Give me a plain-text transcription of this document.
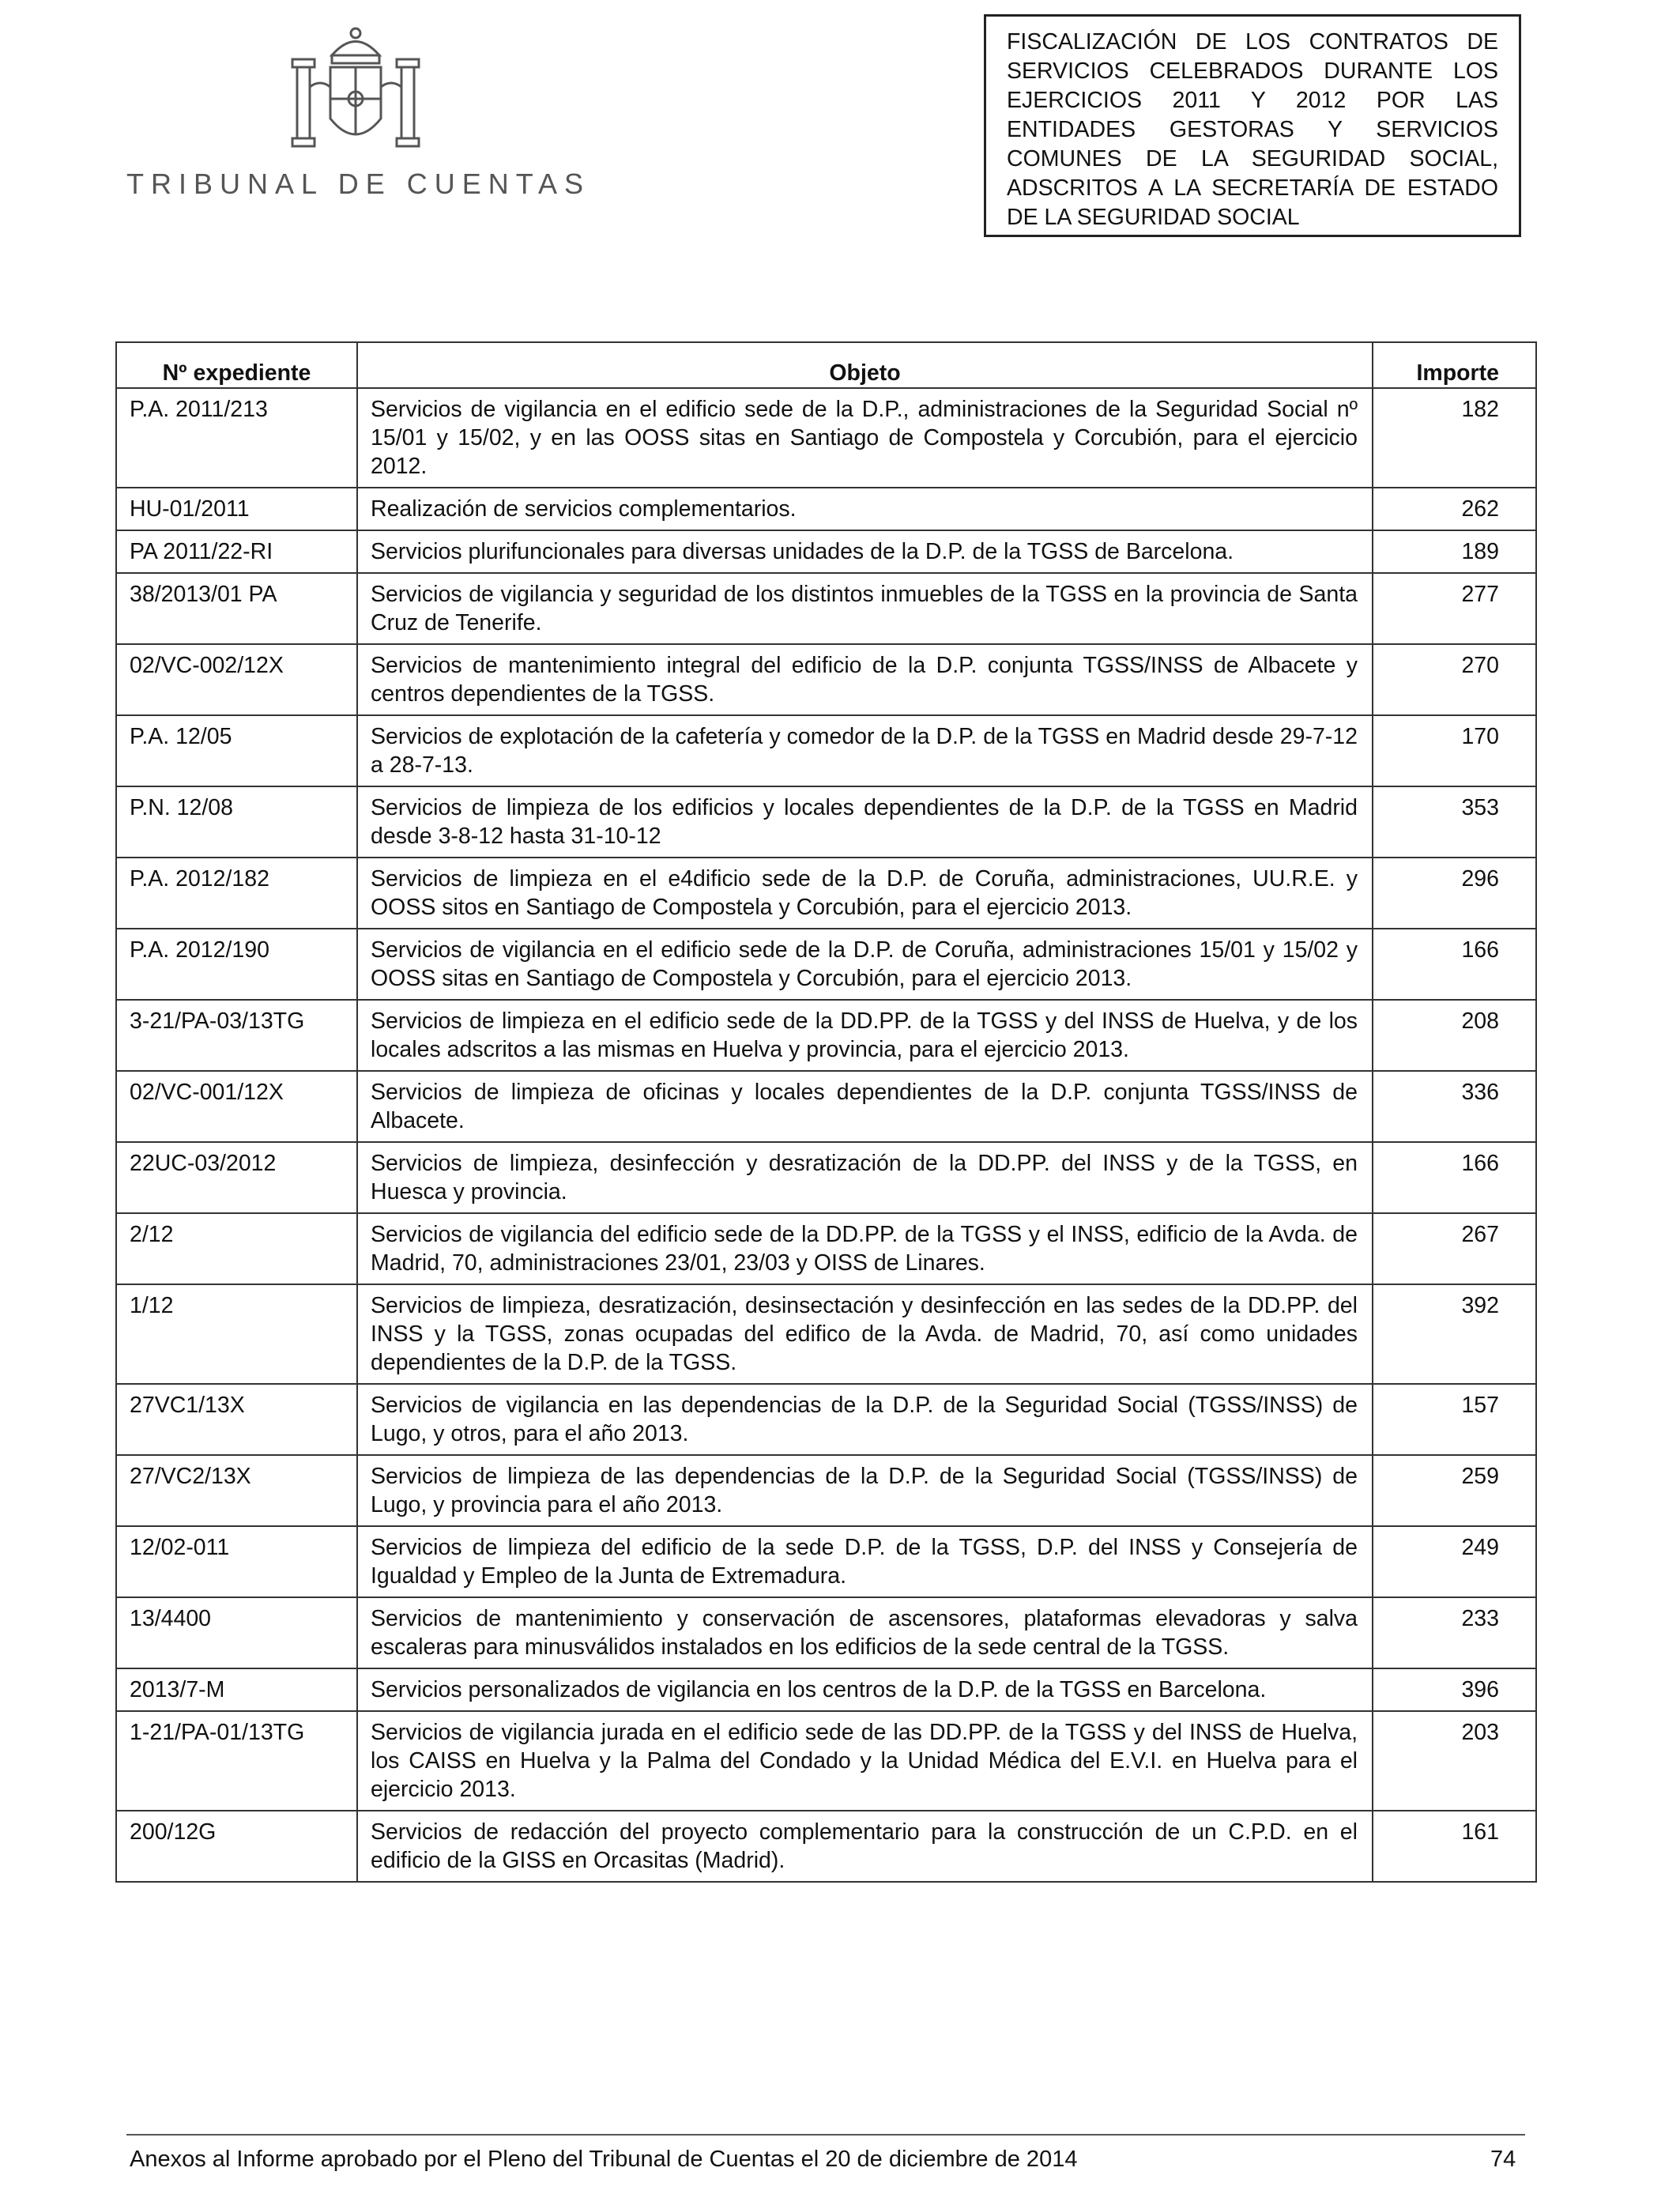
TRIBUNAL DE CUENTAS
FISCALIZACIÓN DE LOS CONTRATOS DE SERVICIOS CELEBRADOS DURANTE LOS EJERCICIOS 2011 Y 2012 POR LAS ENTIDADES GESTORAS Y SERVICIOS COMUNES DE LA SEGURIDAD SOCIAL, ADSCRITOS A LA SECRETARÍA DE ESTADO DE LA SEGURIDAD SOCIAL
Nº expediente	Objeto	Importe
P.A. 2011/213	Servicios de vigilancia en el edificio sede de la D.P., administraciones de la Seguridad Social nº 15/01 y 15/02, y en las OOSS sitas en Santiago de Compostela y Corcubión, para el ejercicio 2012.	182
HU-01/2011	Realización de servicios complementarios.	262
PA 2011/22-RI	Servicios plurifuncionales para diversas unidades de la D.P. de la TGSS de Barcelona.	189
38/2013/01 PA	Servicios de vigilancia y seguridad de los distintos inmuebles de la TGSS en la provincia de Santa Cruz de Tenerife.	277
02/VC-002/12X	Servicios de mantenimiento integral del edificio de la D.P. conjunta TGSS/INSS de Albacete y centros dependientes de la TGSS.	270
P.A. 12/05	Servicios de explotación de la cafetería y comedor de la D.P. de la TGSS en Madrid desde 29-7-12 a 28-7-13.	170
P.N. 12/08	Servicios de limpieza de los edificios y locales dependientes de la D.P. de la TGSS en Madrid desde 3-8-12 hasta 31-10-12	353
P.A. 2012/182	Servicios de limpieza en el e4dificio sede de la D.P. de Coruña, administraciones, UU.R.E. y OOSS sitos en Santiago de Compostela y Corcubión, para el ejercicio 2013.	296
P.A. 2012/190	Servicios de vigilancia en el edificio sede de la D.P. de Coruña, administraciones 15/01 y 15/02 y OOSS sitas en Santiago de Compostela y Corcubión, para el ejercicio 2013.	166
3-21/PA-03/13TG	Servicios de limpieza en el edificio sede de la DD.PP. de la TGSS y del INSS de Huelva, y de los locales adscritos a las mismas en Huelva y provincia, para el ejercicio 2013.	208
02/VC-001/12X	Servicios de limpieza de oficinas y locales dependientes de la D.P. conjunta TGSS/INSS de Albacete.	336
22UC-03/2012	Servicios de limpieza, desinfección y desratización de la DD.PP. del INSS y de la TGSS, en Huesca y provincia.	166
2/12	Servicios de vigilancia del edificio sede de la DD.PP. de la TGSS y el INSS, edificio de la Avda. de Madrid, 70, administraciones 23/01, 23/03 y OISS de Linares.	267
1/12	Servicios de limpieza, desratización, desinsectación y desinfección en las sedes de la DD.PP. del INSS y la TGSS, zonas ocupadas del edifico de la Avda. de Madrid, 70, así como unidades dependientes de la D.P. de la TGSS.	392
27VC1/13X	Servicios de vigilancia en las dependencias de la D.P. de la Seguridad Social (TGSS/INSS) de Lugo, y otros, para el año 2013.	157
27/VC2/13X	Servicios de limpieza de las dependencias de la D.P. de la Seguridad Social (TGSS/INSS) de Lugo, y provincia para el año 2013.	259
12/02-011	Servicios de limpieza del edificio de la sede D.P. de la TGSS, D.P. del INSS y Consejería de Igualdad y Empleo de la Junta de Extremadura.	249
13/4400	Servicios de mantenimiento y conservación de ascensores, plataformas elevadoras y salva escaleras para minusválidos instalados en los edificios de la sede central de la TGSS.	233
2013/7-M	Servicios personalizados de vigilancia en los centros de la D.P. de la TGSS en Barcelona.	396
1-21/PA-01/13TG	Servicios de vigilancia jurada en el edificio sede de las DD.PP. de la TGSS y del INSS de Huelva, los CAISS en Huelva y la Palma del Condado y la Unidad Médica del E.V.I. en Huelva para el ejercicio 2013.	203
200/12G	Servicios de redacción del proyecto complementario para la construcción de un C.P.D. en el edificio de la GISS en Orcasitas (Madrid).	161
Anexos al Informe aprobado por el Pleno del Tribunal de Cuentas el 20 de diciembre de 2014	74
